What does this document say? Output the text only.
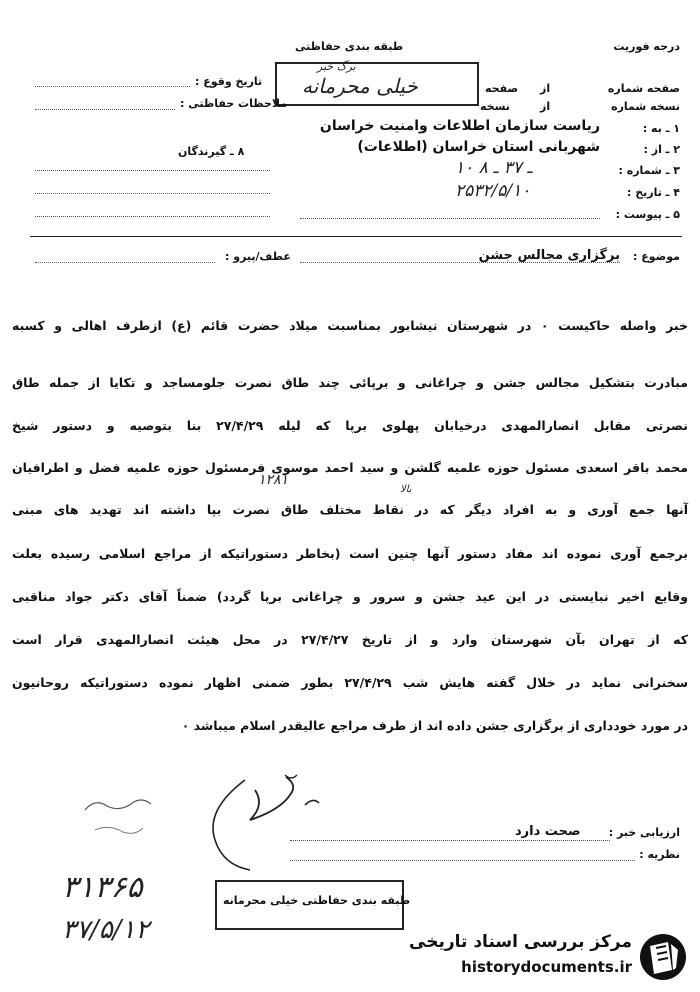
درجه فوریت
طبقه بندی حفاظتی
برگ خبر
خیلی محرمانه
تاریخ وقوع :
ملاحظات حفاظتی :
۸ ـ گیرندگان
صفحه شماره
از
صفحه
نسخه شماره
از
نسخه
۱ ـ به :
ریاست سازمان اطلاعات وامنیت خراسان
۲ ـ از :
شهربانی استان خراسان (اطلاعات)
۳ ـ شماره :
۱۰ ـ ۳۷ ـ ۸
۴ ـ تاریخ :
۲۵۳۲/۵/۱۰
۵ ـ پیوست :
موضوع :
برگزاری مجالس جشن
عطف/پیرو :
خبر واصله حاکیست ۰ در شهرستان نیشابور بمناسبت میلاد حضرت قائم (ع) ازطرف اهالی و کسبه
مبادرت بتشکیل مجالس جشن و چراغانی و برپائی چند طاق نصرت جلومساجد و تکایا از جمله طاق
نصرتی مقابل انصارالمهدی درخیابان پهلوی برپا که لیله ۲۷/۴/۲۹ بنا بتوصیه و دستور شیخ
محمد باقر اسعدی مسئول حوزه علمیه گلشن و سید احمد موسوی فرمسئول حوزه علمیه فضل و اطرافیان
۱۲۸۱
بالا
آنها جمع آوری و به افراد دیگر که در نقاط مختلف طاق نصرت بپا داشته اند تهدید های مبنی
برجمع آوری نموده اند مفاد دستور آنها چنین است (بخاطر دستوراتیکه از مراجع اسلامی رسیده بعلت
وقایع اخیر نبایستی در این عید جشن و سرور و چراغانی برپا گردد) ضمناً آقای دکتر جواد مناقبی
که از تهران بآن شهرستان وارد و از تاریخ ۲۷/۴/۲۷ در محل هیئت انصارالمهدی قرار است
سخنرانی نماید در خلال گفته هایش شب ۲۷/۴/۲۹ بطور ضمنی اظهار نموده دستوراتیکه روحانیون
در مورد خودداری از برگزاری جشن داده اند از طرف مراجع عالیقدر اسلام میباشد ۰
ارزیابی خبر :
صحت دارد
نظریه :
طبقه بندی حفاظتی خیلی محرمانه
۳۱۳۶۵
۳۷/۵/۱۲	مرکز بررسی اسناد تاریخی
historydocuments.ir
